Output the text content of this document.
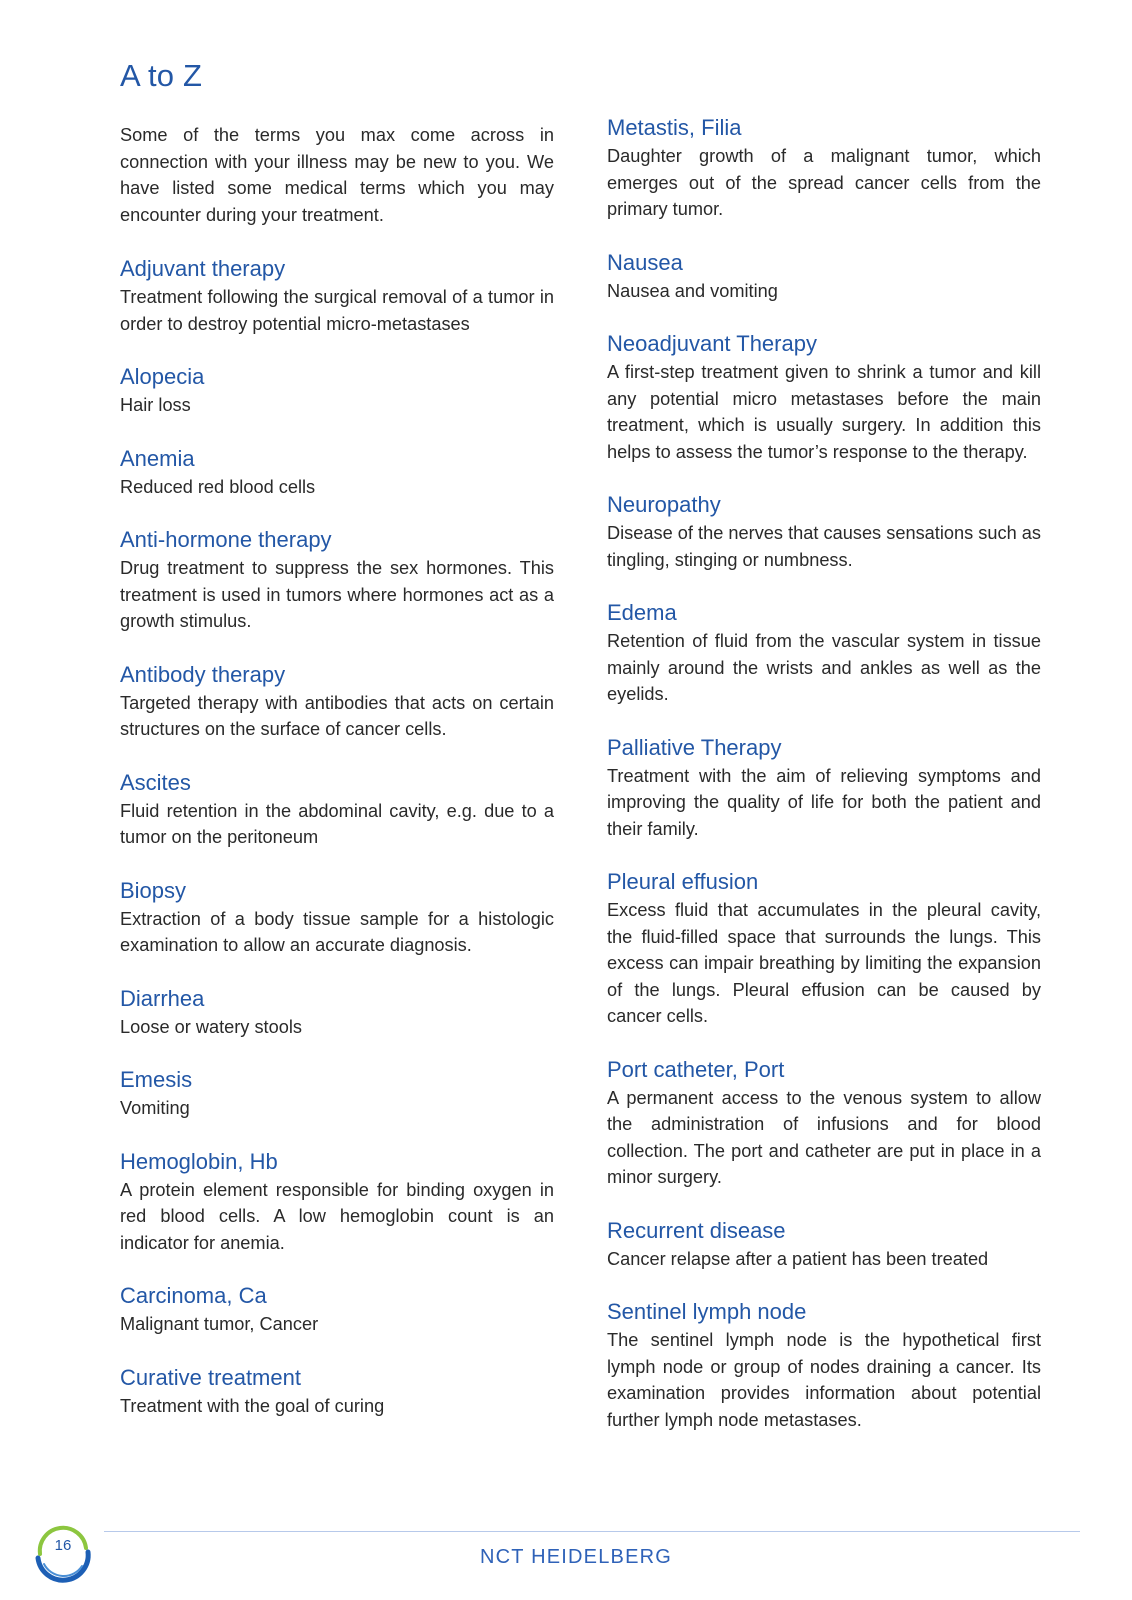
A to Z

Some of the terms you max come across in connection with your illness may be new to you. We have listed some medical terms which you may encounter during your treatment.

Adjuvant therapy

Treatment following the surgical removal of a tumor in order to destroy potential micro-metastases

Alopecia

Hair loss

Anemia

Reduced red blood cells

Anti-hormone therapy

Drug treatment to suppress the sex hormones. This treatment is used in tumors where hormones act as a growth stimulus.

Antibody therapy

Targeted therapy with antibodies that acts on certain structures on the surface of cancer cells.

Ascites

Fluid retention in the abdominal cavity, e.g. due to a tumor on the peritoneum

Biopsy

Extraction of a body tissue sample for a histologic examination to allow an accurate diagnosis.

Diarrhea

Loose or watery stools

Emesis

Vomiting

Hemoglobin, Hb

A protein element responsible for binding oxygen in red blood cells. A low hemoglobin count is an indicator for anemia.

Carcinoma, Ca

Malignant tumor, Cancer

Curative treatment

Treatment with the goal of curing

Metastis, Filia

Daughter growth of a malignant tumor, which emerges out of the spread cancer cells from the primary tumor.

Nausea

Nausea and vomiting

Neoadjuvant Therapy

A first-step treatment given to shrink a tumor and kill any potential micro metastases before the main treatment, which is usually surgery. In addition this helps to assess the tumor’s response to the therapy.

Neuropathy

Disease of the nerves that causes sensations such as tingling, stinging or numbness.

Edema

Retention of fluid from the vascular system in tissue mainly around the wrists and ankles as well as the eyelids.

Palliative Therapy

Treatment with the aim of relieving symptoms and improving the quality of life for both the patient and their family.

Pleural effusion

Excess fluid that accumulates in the pleural cavity, the fluid-filled space that surrounds the lungs. This excess can impair breathing by limiting the expansion of the lungs. Pleural effusion can be caused by cancer cells.

Port catheter, Port

A permanent access to the venous system to allow the administration of infusions and for blood collection. The port and catheter are put in place in a minor surgery.

Recurrent disease

Cancer relapse after a patient has been treated

Sentinel lymph node

The sentinel lymph node is the hypothetical first lymph node or group of nodes draining a cancer. Its examination provides information about potential further lymph node metastases.

16
NCT HEIDELBERG
